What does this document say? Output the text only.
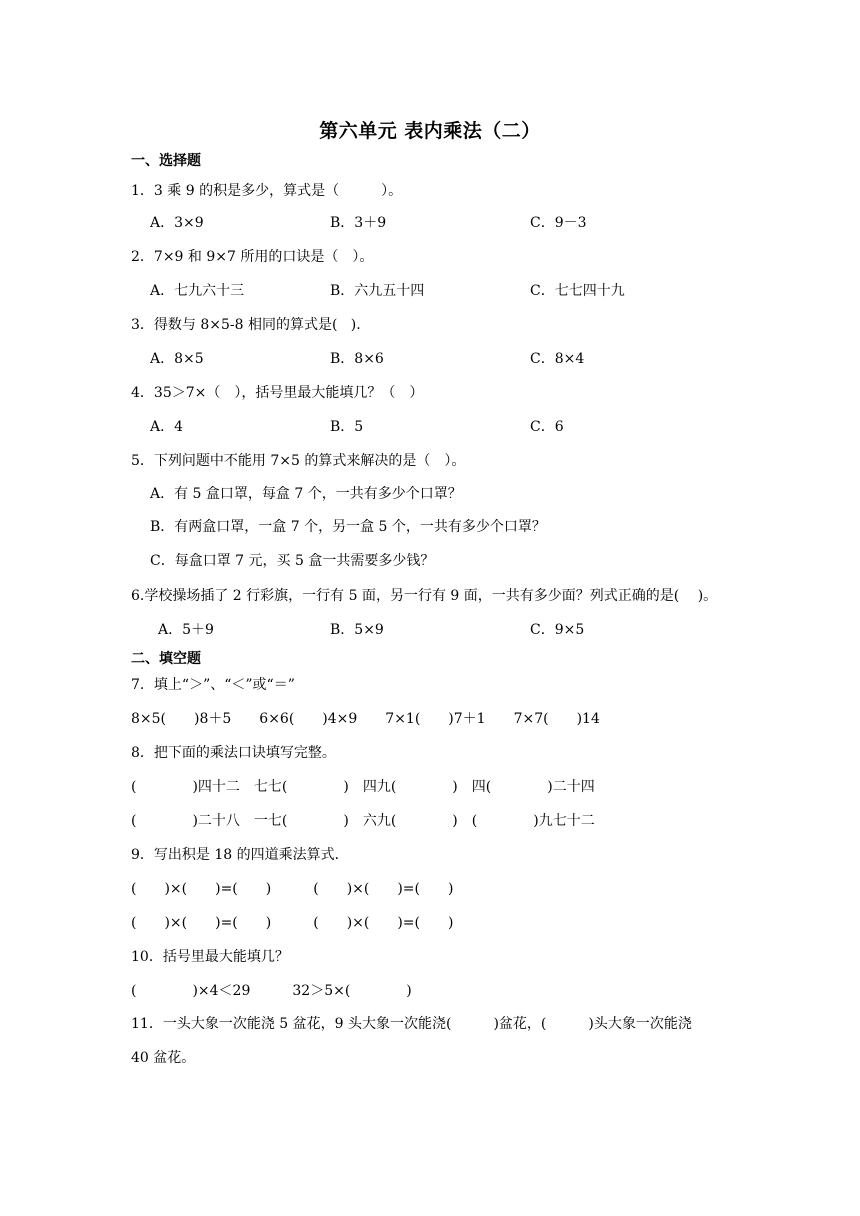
第六单元 表内乘法（二）
一、选择题
1．3 乘 9 的积是多少，算式是（　　　）。
A．3×9	B．3＋9	C．9－3
2．7×9 和 9×7 所用的口诀是（　）。
A．七九六十三	B．六九五十四	C．七七四十九
3．得数与 8×5-8 相同的算式是(   ).
A．8×5	B．8×6	C．8×4
4．35＞7×（　），括号里最大能填几？（　）
A．4	B．5	C．6
5．下列问题中不能用 7×5 的算式来解决的是（　）。
A．有 5 盒口罩，每盒 7 个，一共有多少个口罩？
B．有两盒口罩，一盒 7 个，另一盒 5 个，一共有多少个口罩？
C．每盒口罩 7 元，买 5 盒一共需要多少钱？
6.学校操场插了 2 行彩旗，一行有 5 面，另一行有 9 面，一共有多少面？列式正确的是(　 )。
A．5＋9	B．5×9	C．9×5
二、填空题
7．填上“＞”、“＜”或“＝”
8×5(　　)8＋5　　6×6(　　)4×9　　7×1(　　)7＋1　　7×7(　　)14
8．把下面的乘法口诀填写完整。
(　　　　)四十二　七七(　　　　)　四九(　　　　)　四(　　　　)二十四
(　　　　)二十八　一七(　　　　)　六九(　　　　)　(　　　　)九七十二
9．写出积是 18 的四道乘法算式．
(　　)×(　　)=(　　)　　　(　　)×(　　)=(　　)
(　　)×(　　)=(　　)　　　(　　)×(　　)=(　　)
10．括号里最大能填几？
(　　　　)×4＜29　　　32＞5×(　　　　)
11．一头大象一次能浇 5 盆花，9 头大象一次能浇(　　　)盆花，(　　　)头大象一次能浇
40 盆花。
